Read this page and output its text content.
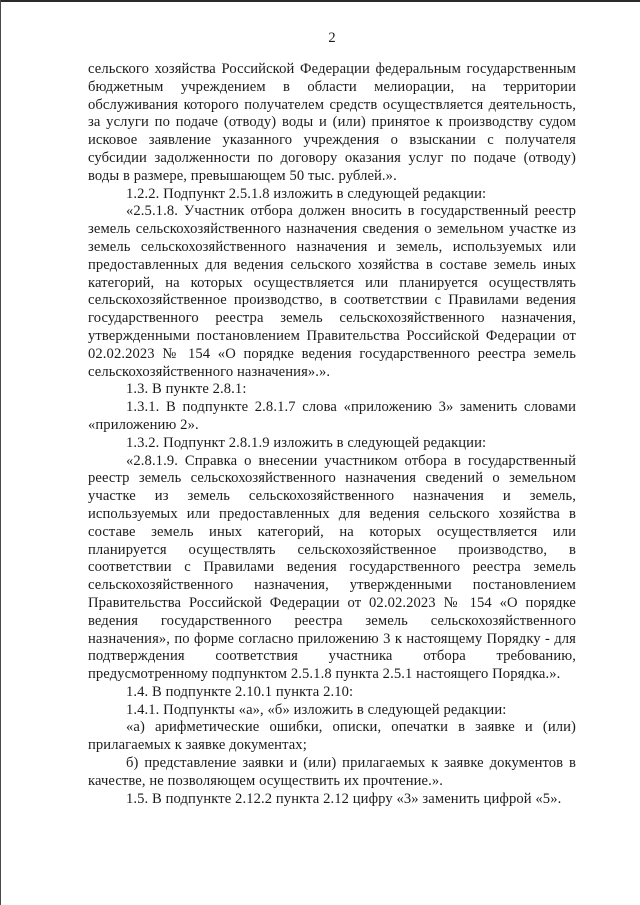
2

сельского хозяйства Российской Федерации федеральным государственным бюджетным учреждением в области мелиорации, на территории обслуживания которого получателем средств осуществляется деятельность, за услуги по подаче (отводу) воды и (или) принятое к производству судом исковое заявление указанного учреждения о взыскании с получателя субсидии задолженности по договору оказания услуг по подаче (отводу) воды в размере, превышающем 50 тыс. рублей.».

1.2.2. Подпункт 2.5.1.8 изложить в следующей редакции:

«2.5.1.8. Участник отбора должен вносить в государственный реестр земель сельскохозяйственного назначения сведения о земельном участке из земель сельскохозяйственного назначения и земель, используемых или предоставленных для ведения сельского хозяйства в составе земель иных категорий, на которых осуществляется или планируется осуществлять сельскохозяйственное производство, в соответствии с Правилами ведения государственного реестра земель сельскохозяйственного назначения, утвержденными постановлением Правительства Российской Федерации от 02.02.2023 № 154 «О порядке ведения государственного реестра земель сельскохозяйственного назначения».».

1.3. В пункте 2.8.1:

1.3.1. В подпункте 2.8.1.7 слова «приложению 3» заменить словами «приложению 2».

1.3.2. Подпункт 2.8.1.9 изложить в следующей редакции:

«2.8.1.9. Справка о внесении участником отбора в государственный реестр земель сельскохозяйственного назначения сведений о земельном участке из земель сельскохозяйственного назначения и земель, используемых или предоставленных для ведения сельского хозяйства в составе земель иных категорий, на которых осуществляется или планируется осуществлять сельскохозяйственное производство, в соответствии с Правилами ведения государственного реестра земель сельскохозяйственного назначения, утвержденными постановлением Правительства Российской Федерации от 02.02.2023 № 154 «О порядке ведения государственного реестра земель сельскохозяйственного назначения», по форме согласно приложению 3 к настоящему Порядку - для подтверждения соответствия участника отбора требованию, предусмотренному подпунктом 2.5.1.8 пункта 2.5.1 настоящего Порядка.».

1.4. В подпункте 2.10.1 пункта 2.10:

1.4.1. Подпункты «а», «б» изложить в следующей редакции:

«а) арифметические ошибки, описки, опечатки в заявке и (или) прилагаемых к заявке документах;

б) представление заявки и (или) прилагаемых к заявке документов в качестве, не позволяющем осуществить их прочтение.».

1.5. В подпункте 2.12.2 пункта 2.12 цифру «3» заменить цифрой «5».
